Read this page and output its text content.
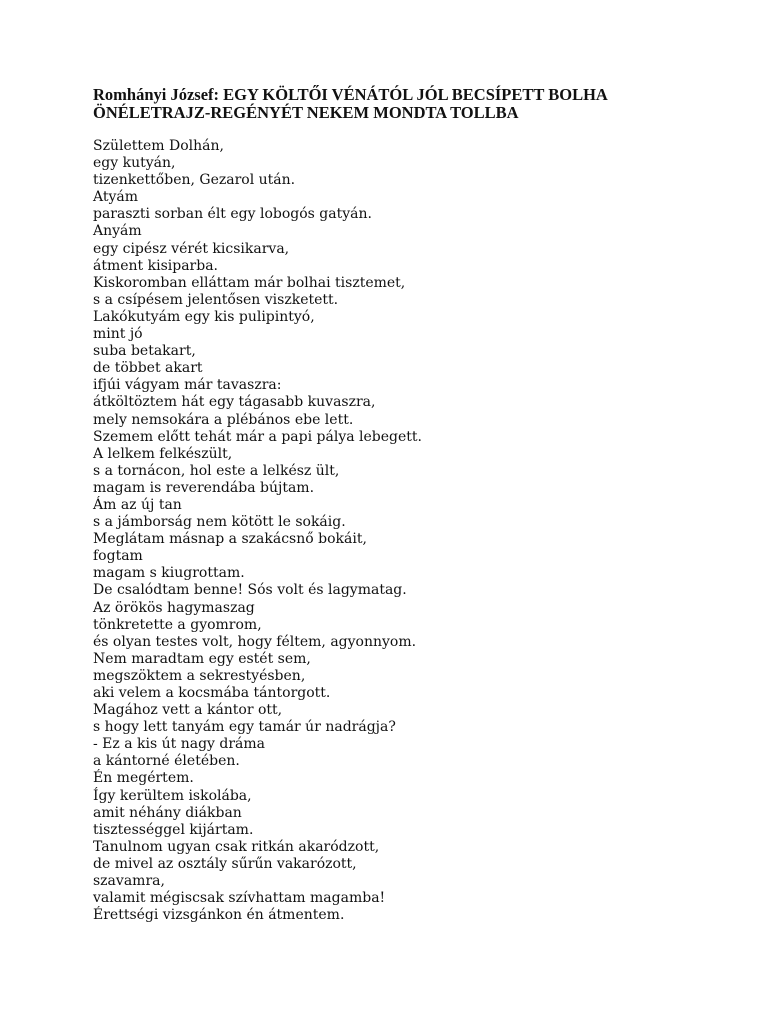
Romhányi József: EGY KÖLTŐI VÉNÁTÓL JÓL BECSÍPETT BOLHA
ÖNÉLETRAJZ-REGÉNYÉT NEKEM MONDTA TOLLBA
Születtem Dolhán,
egy kutyán,
tizenkettőben, Gezarol után.
Atyám
paraszti sorban élt egy lobogós gatyán.
Anyám
egy cipész vérét kicsikarva,
átment kisiparba.
Kiskoromban elláttam már bolhai tisztemet,
s a csípésem jelentősen viszketett.
Lakókutyám egy kis pulipintyó,
mint jó
suba betakart,
de többet akart
ifjúi vágyam már tavaszra:
átköltöztem hát egy tágasabb kuvaszra,
mely nemsokára a plébános ebe lett.
Szemem előtt tehát már a papi pálya lebegett.
A lelkem felkészült,
s a tornácon, hol este a lelkész ült,
magam is reverendába bújtam.
Ám az új tan
s a jámborság nem kötött le sokáig.
Meglátam másnap a szakácsnő bokáit,
fogtam
magam s kiugrottam.
De csalódtam benne! Sós volt és lagymatag.
Az örökös hagymaszag
tönkretette a gyomrom,
és olyan testes volt, hogy féltem, agyonnyom.
Nem maradtam egy estét sem,
megszöktem a sekrestyésben,
aki velem a kocsmába tántorgott.
Magához vett a kántor ott,
s hogy lett tanyám egy tamár úr nadrágja?
- Ez a kis út nagy dráma
a kántorné életében.
Én megértem.
Így kerültem iskolába,
amit néhány diákban
tisztességgel kijártam.
Tanulnom ugyan csak ritkán akaródzott,
de mivel az osztály sűrűn vakarózott,
szavamra,
valamit mégiscsak szívhattam magamba!
Érettségi vizsgánkon én átmentem.
